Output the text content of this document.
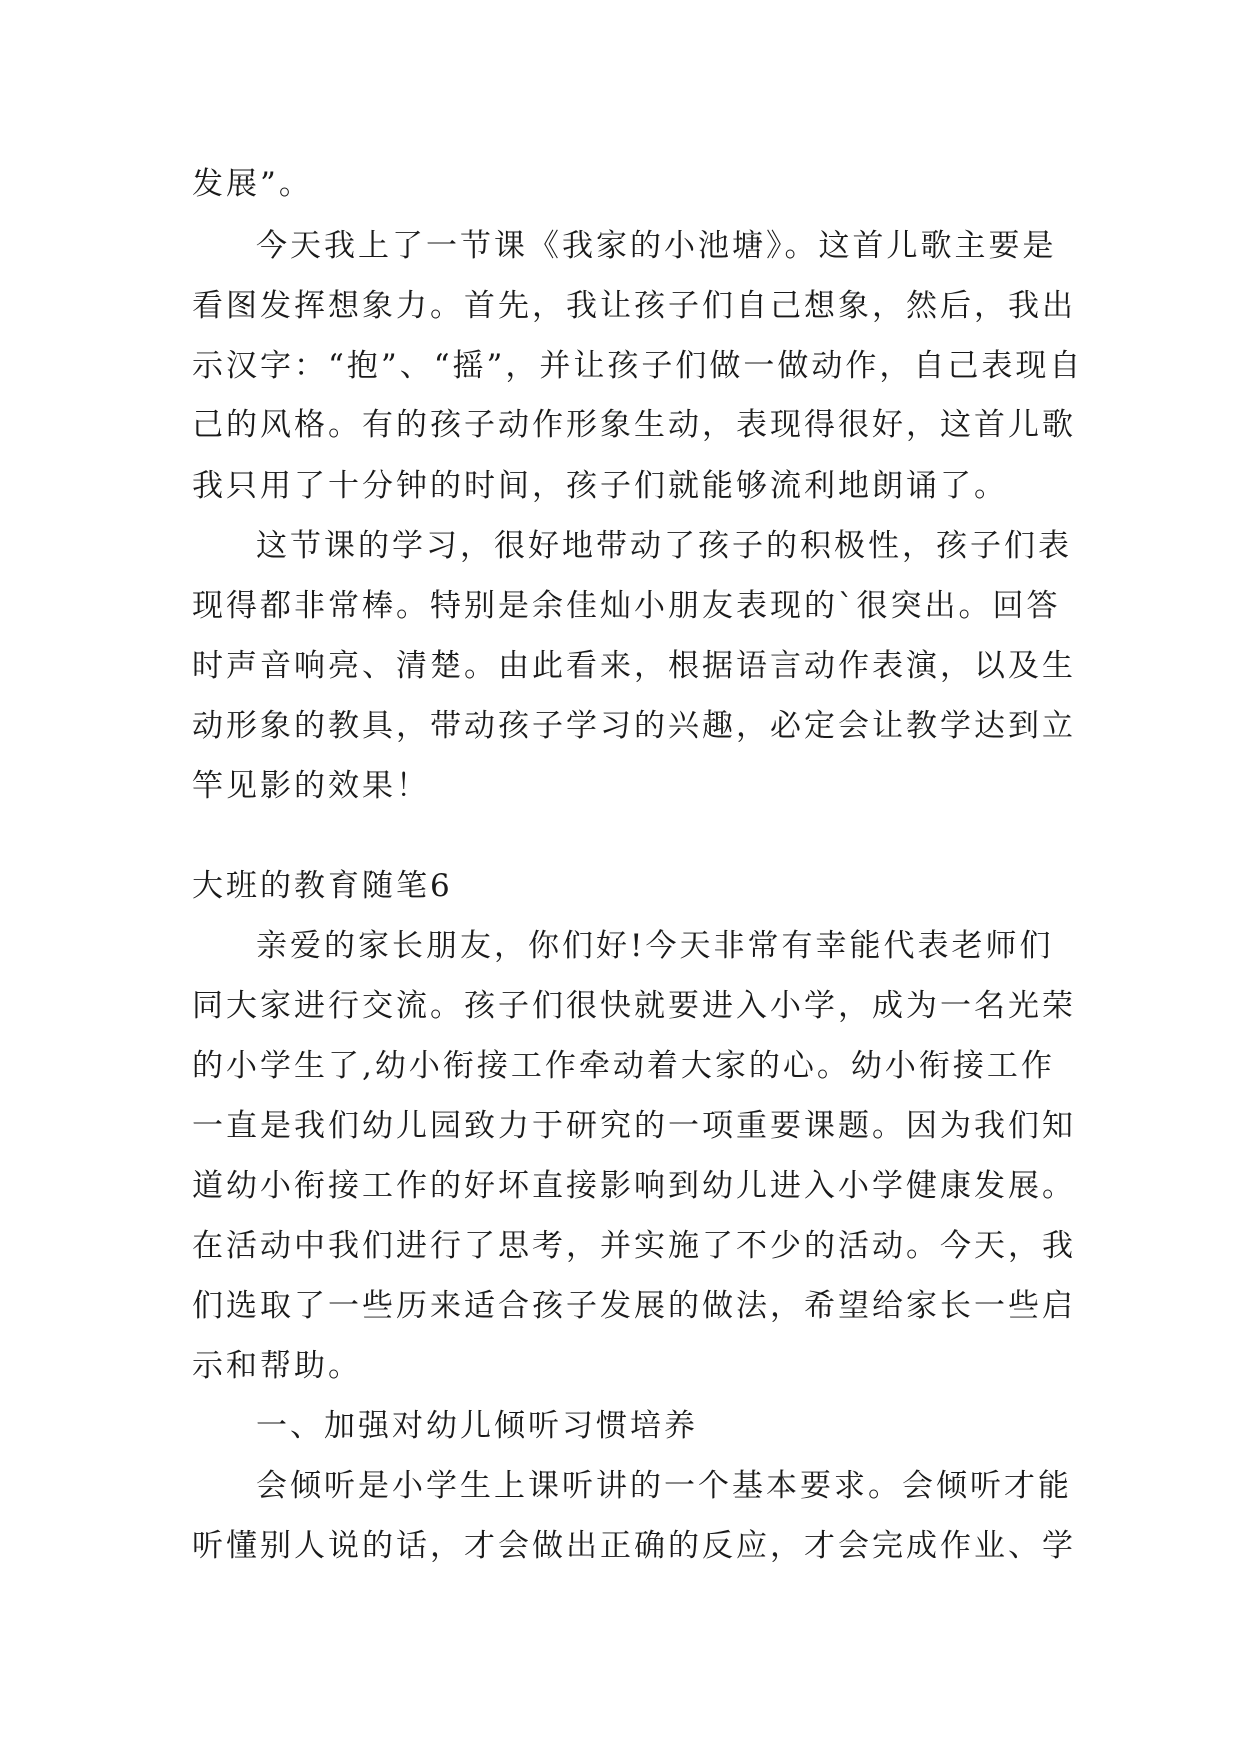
发展”。
今天我上了一节课《我家的小池塘》。这首儿歌主要是
看图发挥想象力。首先，我让孩子们自己想象，然后，我出
示汉字：“抱”、“摇”，并让孩子们做一做动作，自己表现自
己的风格。有的孩子动作形象生动，表现得很好，这首儿歌
我只用了十分钟的时间，孩子们就能够流利地朗诵了。
这节课的学习，很好地带动了孩子的积极性，孩子们表
现得都非常棒。特别是余佳灿小朋友表现的`很突出。回答
时声音响亮、清楚。由此看来，根据语言动作表演，以及生
动形象的教具，带动孩子学习的兴趣，必定会让教学达到立
竿见影的效果！
大班的教育随笔6
亲爱的家长朋友，你们好!今天非常有幸能代表老师们
同大家进行交流。孩子们很快就要进入小学，成为一名光荣
的小学生了,幼小衔接工作牵动着大家的心。幼小衔接工作
一直是我们幼儿园致力于研究的一项重要课题。因为我们知
道幼小衔接工作的好坏直接影响到幼儿进入小学健康发展。
在活动中我们进行了思考，并实施了不少的活动。今天，我
们选取了一些历来适合孩子发展的做法，希望给家长一些启
示和帮助。
一、加强对幼儿倾听习惯培养
会倾听是小学生上课听讲的一个基本要求。会倾听才能
听懂别人说的话，才会做出正确的反应，才会完成作业、学
